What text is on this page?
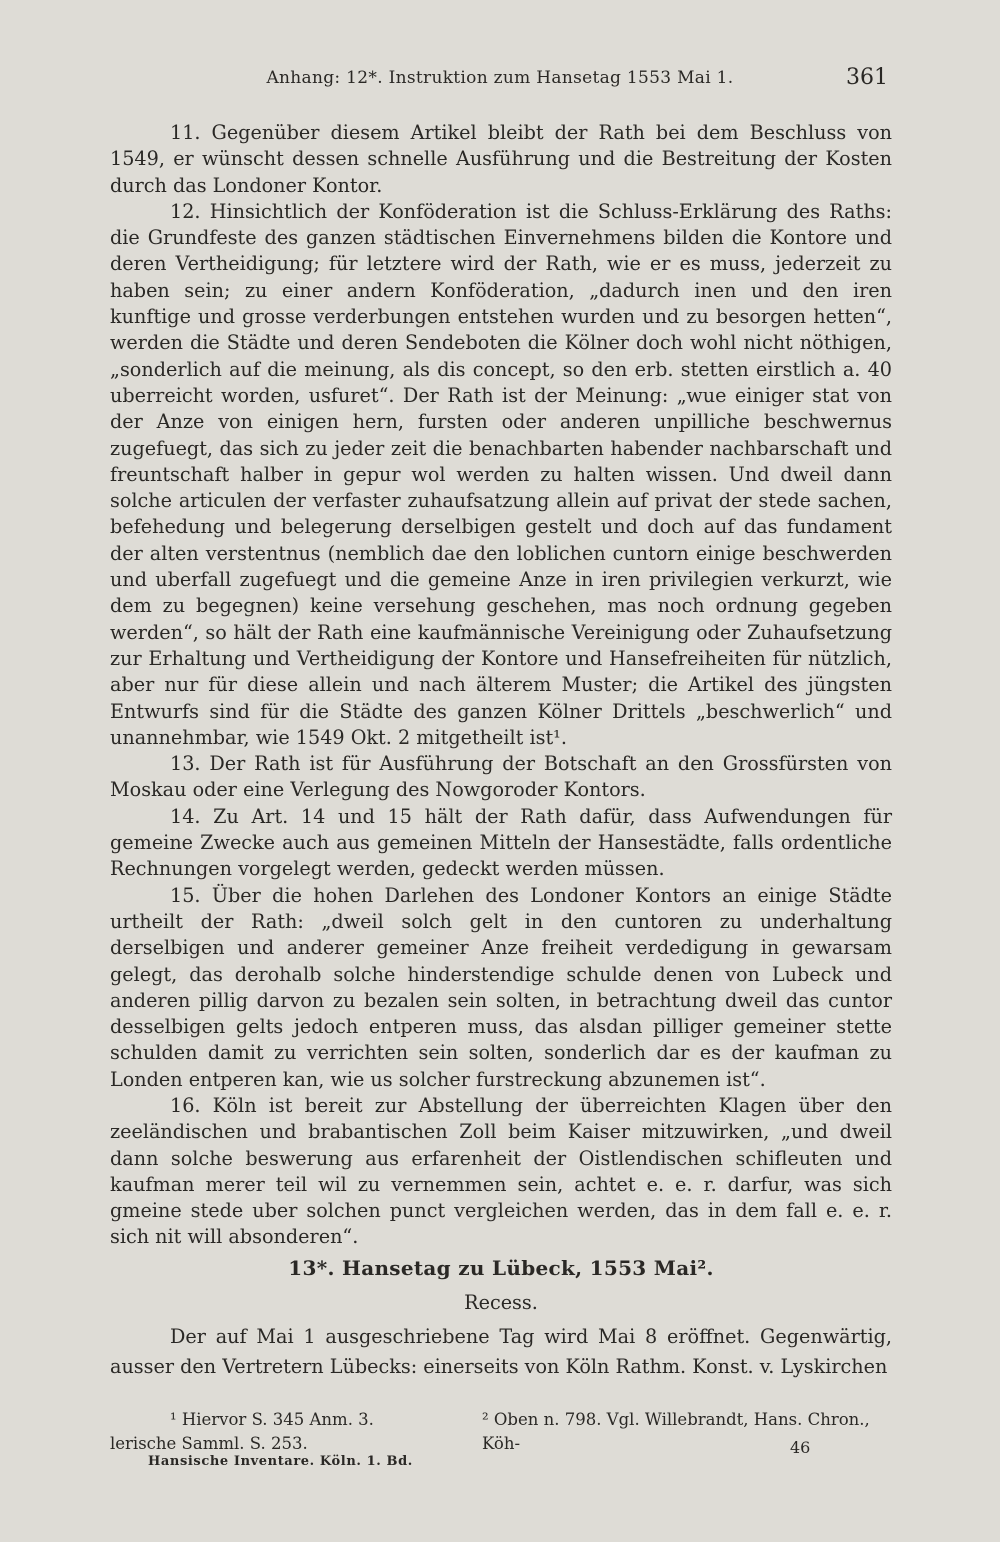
Anhang: 12*. Instruktion zum Hansetag 1553 Mai 1.	361

11. Gegenüber diesem Artikel bleibt der Rath bei dem Beschluss von 1549, er wünscht dessen schnelle Ausführung und die Bestreitung der Kosten durch das Londoner Kontor.

12. Hinsichtlich der Konföderation ist die Schluss-Erklärung des Raths: die Grundfeste des ganzen städtischen Einvernehmens bilden die Kontore und deren Vertheidigung; für letztere wird der Rath, wie er es muss, jederzeit zu haben sein; zu einer andern Konföderation, „dadurch inen und den iren kunftige und grosse verderbungen entstehen wurden und zu besorgen hetten“, werden die Städte und deren Sendeboten die Kölner doch wohl nicht nöthigen, „sonderlich auf die meinung, als dis concept, so den erb. stetten eirstlich a. 40 uberreicht worden, usfuret“. Der Rath ist der Meinung: „wue einiger stat von der Anze von einigen hern, fursten oder anderen unpilliche beschwernus zugefuegt, das sich zu jeder zeit die benachbarten habender nachbarschaft und freuntschaft halber in gepur wol werden zu halten wissen. Und dweil dann solche articulen der verfaster zuhaufsatzung allein auf privat der stede sachen, befehedung und belegerung derselbigen gestelt und doch auf das fundament der alten verstentnus (nemblich dae den loblichen cuntorn einige beschwerden und uberfall zugefuegt und die gemeine Anze in iren privilegien verkurzt, wie dem zu begegnen) keine versehung geschehen, mas noch ordnung gegeben werden“, so hält der Rath eine kaufmännische Vereinigung oder Zuhaufsetzung zur Erhaltung und Vertheidigung der Kontore und Hansefreiheiten für nützlich, aber nur für diese allein und nach älterem Muster; die Artikel des jüngsten Entwurfs sind für die Städte des ganzen Kölner Drittels „beschwerlich“ und unannehmbar, wie 1549 Okt. 2 mitgetheilt ist¹.

13. Der Rath ist für Ausführung der Botschaft an den Grossfürsten von Moskau oder eine Verlegung des Nowgoroder Kontors.

14. Zu Art. 14 und 15 hält der Rath dafür, dass Aufwendungen für gemeine Zwecke auch aus gemeinen Mitteln der Hansestädte, falls ordentliche Rechnungen vorgelegt werden, gedeckt werden müssen.

15. Über die hohen Darlehen des Londoner Kontors an einige Städte urtheilt der Rath: „dweil solch gelt in den cuntoren zu underhaltung derselbigen und anderer gemeiner Anze freiheit verdedigung in gewarsam gelegt, das derohalb solche hinderstendige schulde denen von Lubeck und anderen pillig darvon zu bezalen sein solten, in betrachtung dweil das cuntor desselbigen gelts jedoch entperen muss, das alsdan pilliger gemeiner stette schulden damit zu verrichten sein solten, sonderlich dar es der kaufman zu Londen entperen kan, wie us solcher furstreckung abzunemen ist“.

16. Köln ist bereit zur Abstellung der überreichten Klagen über den zeeländischen und brabantischen Zoll beim Kaiser mitzuwirken, „und dweil dann solche beswerung aus erfarenheit der Oistlendischen schifleuten und kaufman merer teil wil zu vernemmen sein, achtet e. e. r. darfur, was sich gmeine stede uber solchen punct vergleichen werden, das in dem fall e. e. r. sich nit will absonderen“.

13*. Hansetag zu Lübeck, 1553 Mai².
Recess.

Der auf Mai 1 ausgeschriebene Tag wird Mai 8 eröffnet. Gegenwärtig, ausser den Vertretern Lübecks: einerseits von Köln Rathm. Konst. v. Lyskirchen

¹ Hiervor S. 345 Anm. 3.	² Oben n. 798. Vgl. Willebrandt, Hans. Chron., Köh-
lerische Samml. S. 253.	46
Hansische Inventare. Köln. 1. Bd.
